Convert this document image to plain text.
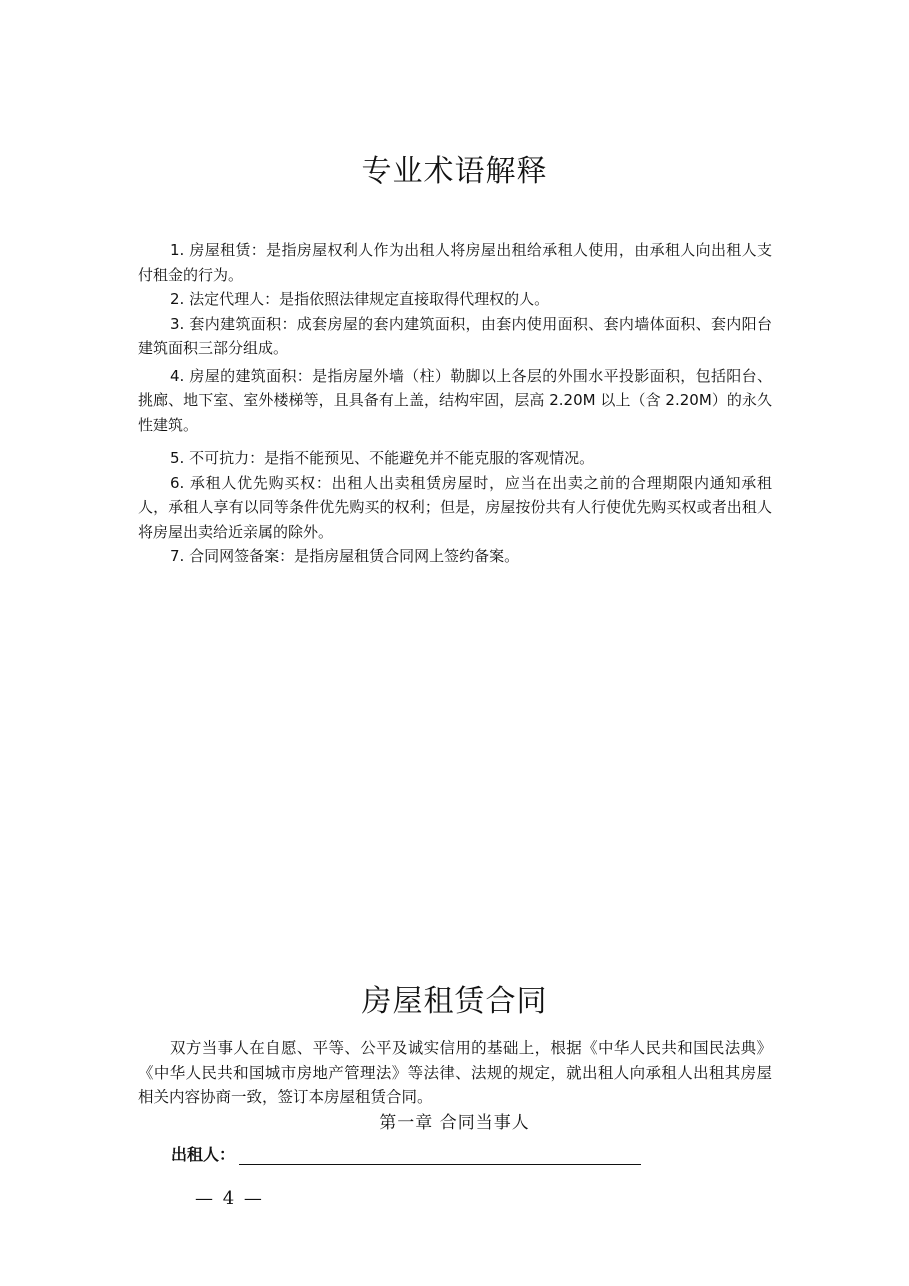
专业术语解释

1. 房屋租赁：是指房屋权利人作为出租人将房屋出租给承租人使用，由承租人向出租人支付租金的行为。

2. 法定代理人：是指依照法律规定直接取得代理权的人。

3. 套内建筑面积：成套房屋的套内建筑面积，由套内使用面积、套内墙体面积、套内阳台建筑面积三部分组成。

4. 房屋的建筑面积：是指房屋外墙（柱）勒脚以上各层的外围水平投影面积，包括阳台、挑廊、地下室、室外楼梯等，且具备有上盖，结构牢固，层高 2.20M 以上（含 2.20M）的永久性建筑。

5. 不可抗力：是指不能预见、不能避免并不能克服的客观情况。

6. 承租人优先购买权：出租人出卖租赁房屋时，应当在出卖之前的合理期限内通知承租人，承租人享有以同等条件优先购买的权利；但是，房屋按份共有人行使优先购买权或者出租人将房屋出卖给近亲属的除外。

7. 合同网签备案：是指房屋租赁合同网上签约备案。

房屋租赁合同

双方当事人在自愿、平等、公平及诚实信用的基础上，根据《中华人民共和国民法典》《中华人民共和国城市房地产管理法》等法律、法规的规定，就出租人向承租人出租其房屋相关内容协商一致，签订本房屋租赁合同。

第一章 合同当事人

出租人：
— 4 —
